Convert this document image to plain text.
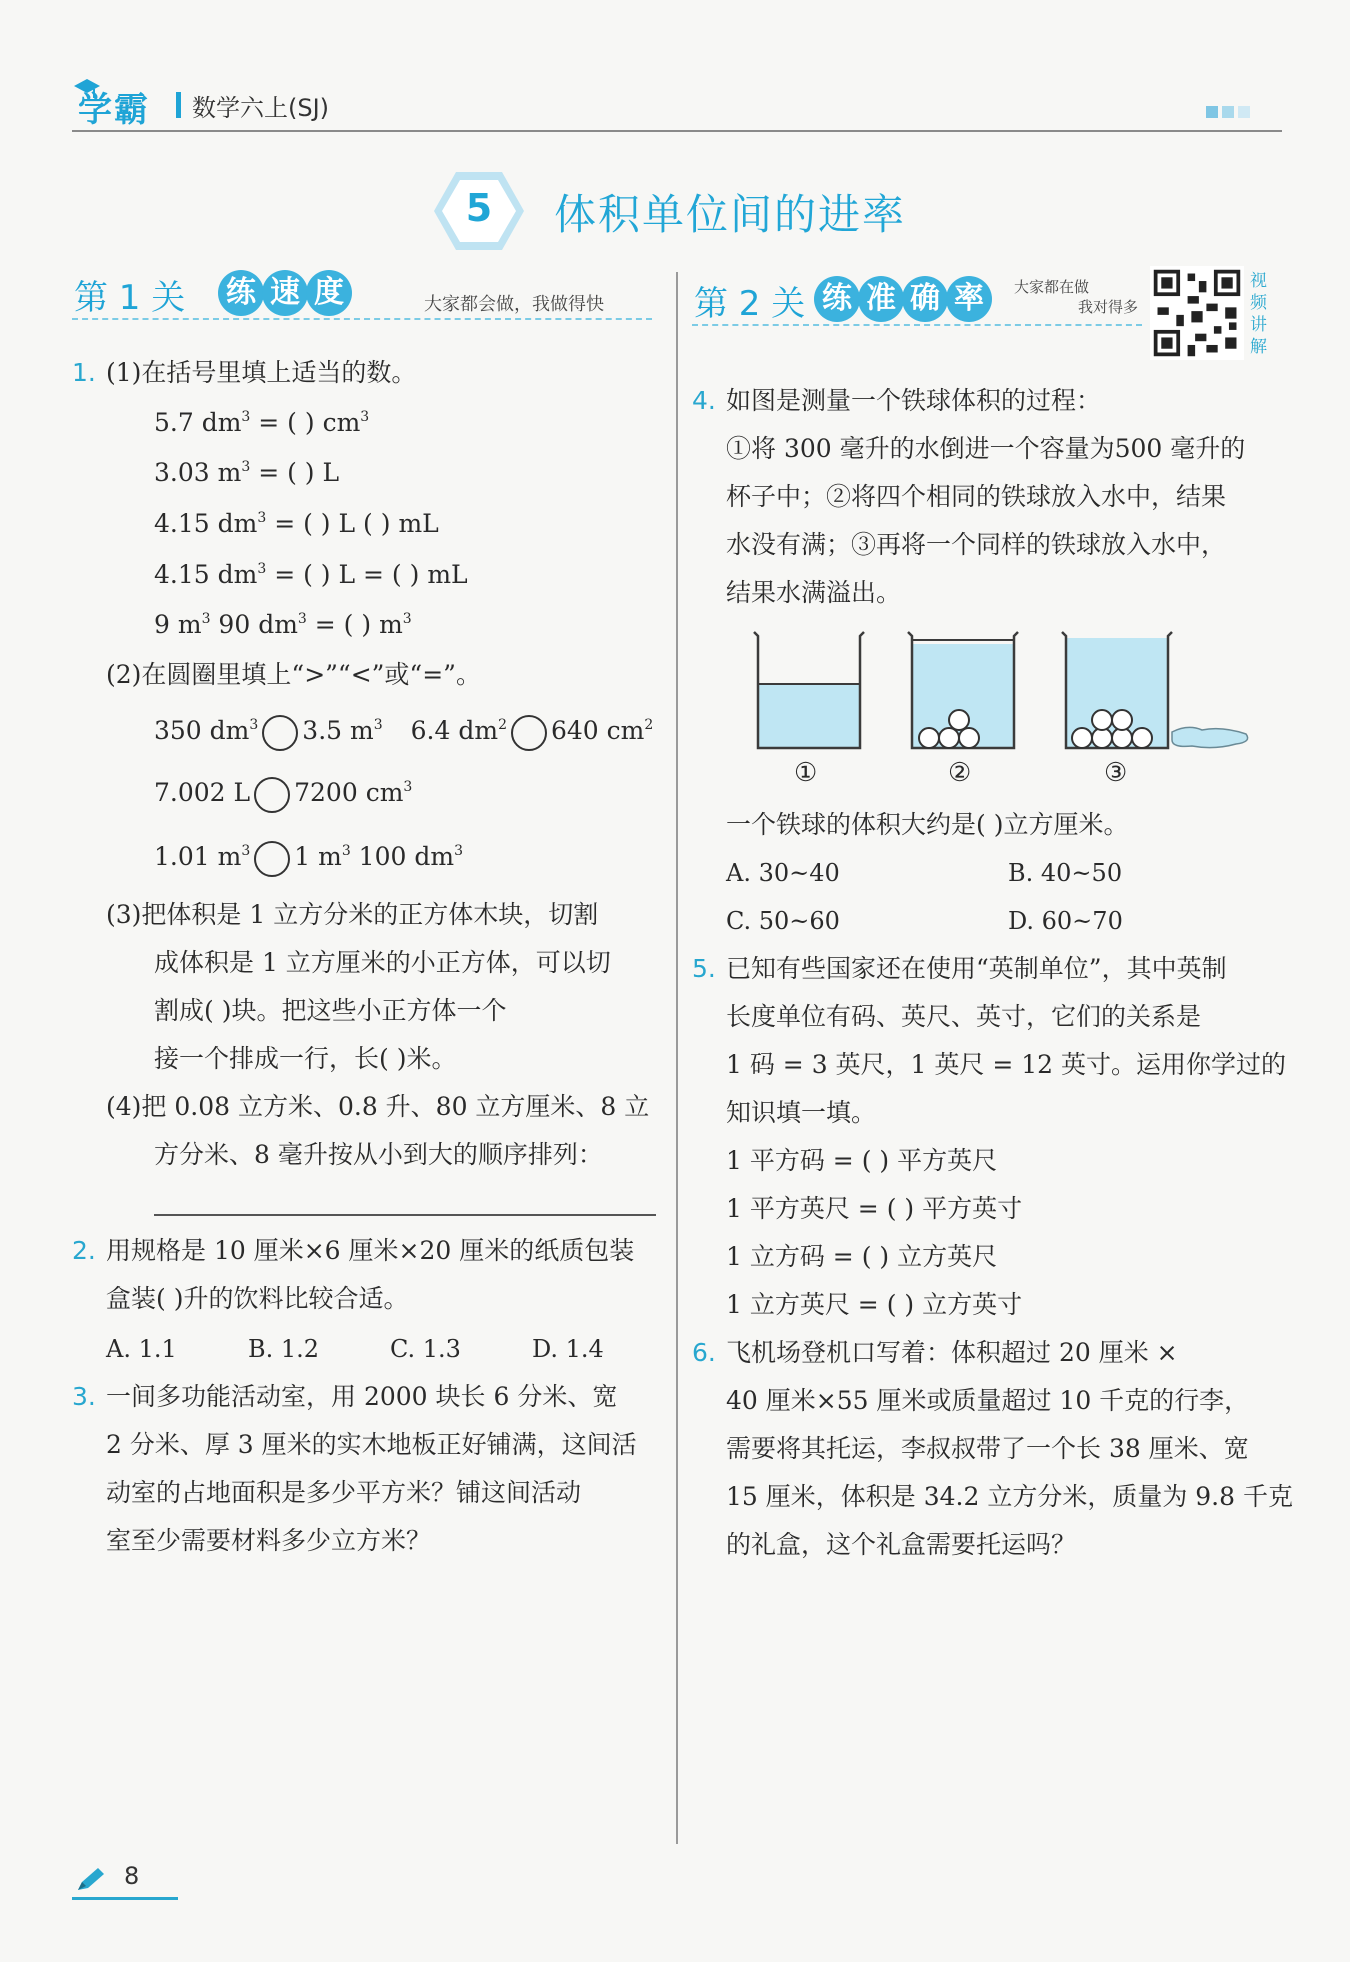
学霸 数学六上(SJ)
5	体积单位间的进率
第 1 关 练 速 度	大家都会做，我做得快	第 2 关 练 准 确 率	大家都在做
我对得多
视
频
讲
解
1. (1)在括号里填上适当的数。
5.7 $dm^3$ = ( ) $cm^3$
3.03 $m^3$ = ( ) L
4.15 $dm^3$ = ( ) L ( ) mL
4.15 $dm^3$ = ( ) L = ( ) mL
9 $m^3$ 90 $dm^3$ = ( ) $m^3$
(2)在圆圈里填上“>”“<”或“=”。
350 $dm^3$ 3.5 $m^3$ 6.4 $dm^2$ 640 $cm^2$
7.002 L 7200 $cm^3$
1.01 $m^3$ 1 $m^3$ 100 $dm^3$
(3)把体积是 1 立方分米的正方体木块，切割
成体积是 1 立方厘米的小正方体，可以切
割成( )块。把这些小正方体一个
接一个排成一行，长( )米。
(4)把 0.08 立方米、0.8 升、80 立方厘米、8 立
方分米、8 毫升按从小到大的顺序排列：
2. 用规格是 10 厘米×6 厘米×20 厘米的纸质包装
盒装( )升的饮料比较合适。
A. 1.1	B. 1.2	C. 1.3	D. 1.4
3. 一间多功能活动室，用 2000 块长 6 分米、宽
2 分米、厚 3 厘米的实木地板正好铺满，这间活
动室的占地面积是多少平方米？铺这间活动
室至少需要材料多少立方米？
4. 如图是测量一个铁球体积的过程：
①将 300 毫升的水倒进一个容量为500 毫升的
杯子中；②将四个相同的铁球放入水中，结果
水没有满；③再将一个同样的铁球放入水中，
结果水满溢出。
①	②	③
一个铁球的体积大约是( )立方厘米。
A. 30~40	B. 40~50
C. 50~60	D. 60~70
5. 已知有些国家还在使用“英制单位”，其中英制
长度单位有码、英尺、英寸，它们的关系是
1 码 = 3 英尺，1 英尺 = 12 英寸。运用你学过的
知识填一填。
1 平方码 = ( ) 平方英尺
1 平方英尺 = ( ) 平方英寸
1 立方码 = ( ) 立方英尺
1 立方英尺 = ( ) 立方英寸
6. 飞机场登机口写着：体积超过 20 厘米 ×
40 厘米×55 厘米或质量超过 10 千克的行李，
需要将其托运，李叔叔带了一个长 38 厘米、宽
15 厘米，体积是 34.2 立方分米，质量为 9.8 千克
的礼盒，这个礼盒需要托运吗？
8
